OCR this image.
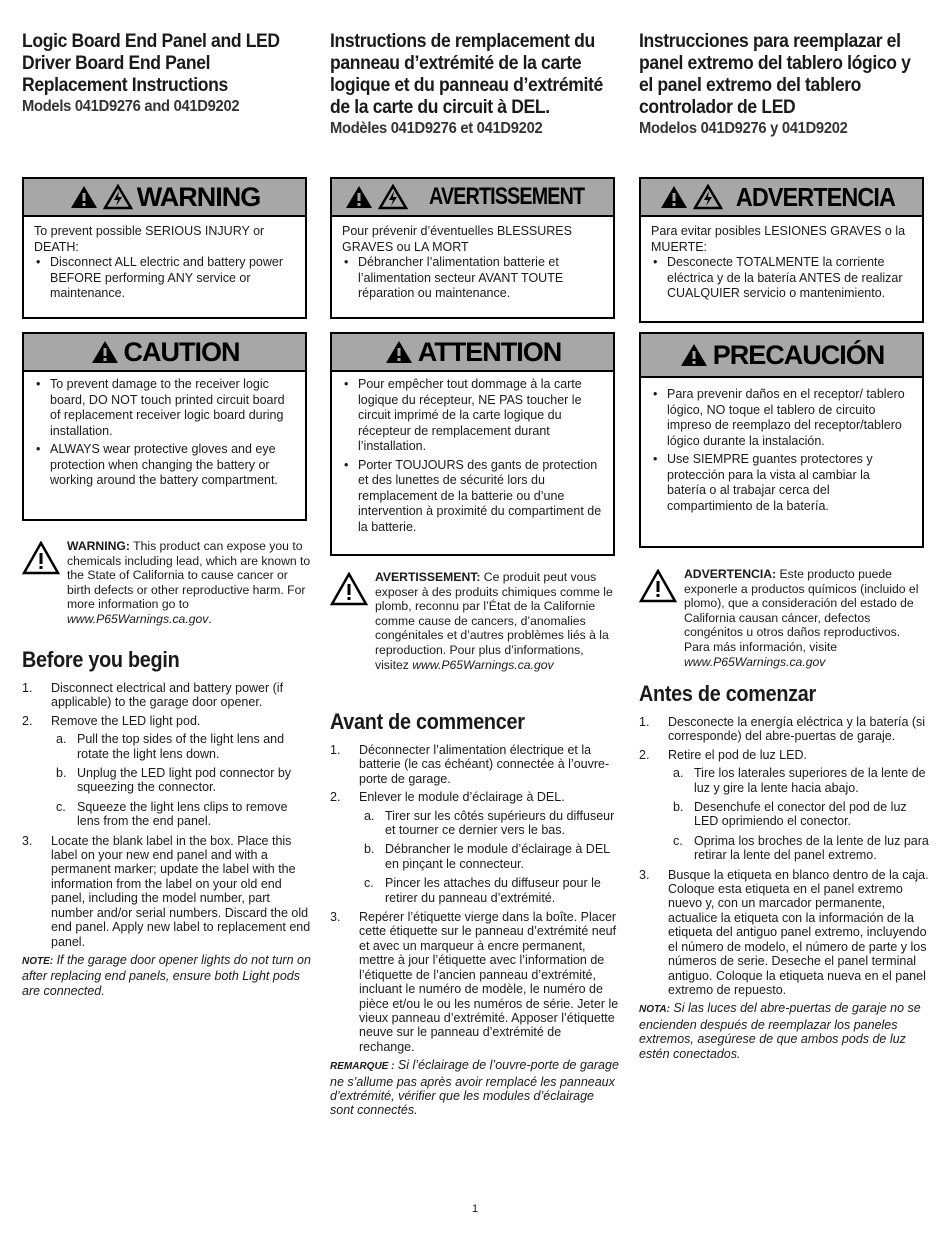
Logic Board End Panel and LED Driver Board End Panel Replacement Instructions
Models 041D9276 and 041D9202
WARNING

To prevent possible SERIOUS INJURY or DEATH:

• Disconnect ALL electric and battery power BEFORE performing ANY service or maintenance.
CAUTION
• To prevent damage to the receiver logic board, DO NOT touch printed circuit board of replacement receiver logic board during installation.
• ALWAYS wear protective gloves and eye protection when changing the battery or working around the battery compartment.
WARNING: This product can expose you to chemicals including lead, which are known to the State of California to cause cancer or birth defects or other reproductive harm. For more information go to www.P65Warnings.ca.gov.
Before you begin
1. Disconnect electrical and battery power (if applicable) to the garage door opener.
2. Remove the LED light pod.
a. Pull the top sides of the light lens and rotate the light lens down.
b. Unplug the LED light pod connector by squeezing the connector.
c. Squeeze the light lens clips to remove lens from the end panel.
3. Locate the blank label in the box. Place this label on your new end panel and with a permanent marker; update the label with the information from the label on your old end panel, including the model number, part number and/or serial numbers. Discard the old end panel. Apply new label to replacement end panel.

NOTE: If the garage door opener lights do not turn on after replacing end panels, ensure both Light pods are connected.

Instructions de remplacement du panneau d’extrémité de la carte logique et du panneau d’extrémité de la carte du circuit à DEL.
Modèles 041D9276 et 041D9202
AVERTISSEMENT

Pour prévenir d’éventuelles BLESSURES GRAVES ou LA MORT

• Débrancher l’alimentation batterie et l’alimentation secteur AVANT TOUTE réparation ou maintenance.
ATTENTION
• Pour empêcher tout dommage à la carte logique du récepteur, NE PAS toucher le circuit imprimé de la carte logique du récepteur de remplacement durant l’installation.
• Porter TOUJOURS des gants de protection et des lunettes de sécurité lors du remplacement de la batterie ou d’une intervention à proximité du compartiment de la batterie.
AVERTISSEMENT: Ce produit peut vous exposer à des produits chimiques comme le plomb, reconnu par l’État de la Californie comme cause de cancers, d’anomalies congénitales et d’autres problèmes liés à la reproduction. Pour plus d’informations, visitez www.P65Warnings.ca.gov
Avant de commencer
1. Déconnecter l’alimentation électrique et la batterie (le cas échéant) connectée à l’ouvre-porte de garage.
2. Enlever le module d’éclairage à DEL.
a. Tirer sur les côtés supérieurs du diffuseur et tourner ce dernier vers le bas.
b. Débrancher le module d’éclairage à DEL en pinçant le connecteur.
c. Pincer les attaches du diffuseur pour le retirer du panneau d’extrémité.
3. Repérer l’étiquette vierge dans la boîte. Placer cette étiquette sur le panneau d’extrémité neuf et avec un marqueur à encre permanent, mettre à jour l’étiquette avec l’information de l’étiquette de l’ancien panneau d’extrémité, incluant le numéro de modèle, le numéro de pièce et/ou le ou les numéros de série. Jeter le vieux panneau d’extrémité. Apposer l’étiquette neuve sur le panneau d’extrémité de rechange.

REMARQUE : Si l’éclairage de l’ouvre-porte de garage ne s’allume pas après avoir remplacé les panneaux d’extrémité, vérifier que les modules d’éclairage sont connectés.

Instrucciones para reemplazar el panel extremo del tablero lógico y el panel extremo del tablero controlador de LED
Modelos 041D9276 y 041D9202
ADVERTENCIA

Para evitar posibles LESIONES GRAVES o la MUERTE:

• Desconecte TOTALMENTE la corriente eléctrica y de la batería ANTES de realizar CUALQUIER servicio o mantenimiento.
PRECAUCIÓN
• Para prevenir daños en el receptor/ tablero lógico, NO toque el tablero de circuito impreso de reemplazo del receptor/tablero lógico durante la instalación.
• Use SIEMPRE guantes protectores y protección para la vista al cambiar la batería o al trabajar cerca del compartimiento de la batería.
ADVERTENCIA: Este producto puede exponerle a productos químicos (incluido el plomo), que a consideración del estado de California causan cáncer, defectos congénitos u otros daños reproductivos. Para más información, visite www.P65Warnings.ca.gov
Antes de comenzar
1. Desconecte la energía eléctrica y la batería (si corresponde) del abre-puertas de garaje.
2. Retire el pod de luz LED.
a. Tire los laterales superiores de la lente de luz y gire la lente hacia abajo.
b. Desenchufe el conector del pod de luz LED oprimiendo el conector.
c. Oprima los broches de la lente de luz para retirar la lente del panel extremo.
3. Busque la etiqueta en blanco dentro de la caja. Coloque esta etiqueta en el panel extremo nuevo y, con un marcador permanente, actualice la etiqueta con la información de la etiqueta del antiguo panel extremo, incluyendo el número de modelo, el número de parte y los números de serie. Deseche el panel terminal antiguo. Coloque la etiqueta nueva en el panel extremo de repuesto.

NOTA: Si las luces del abre-puertas de garaje no se encienden después de reemplazar los paneles extremos, asegúrese de que ambos pods de luz estén conectados.

1
